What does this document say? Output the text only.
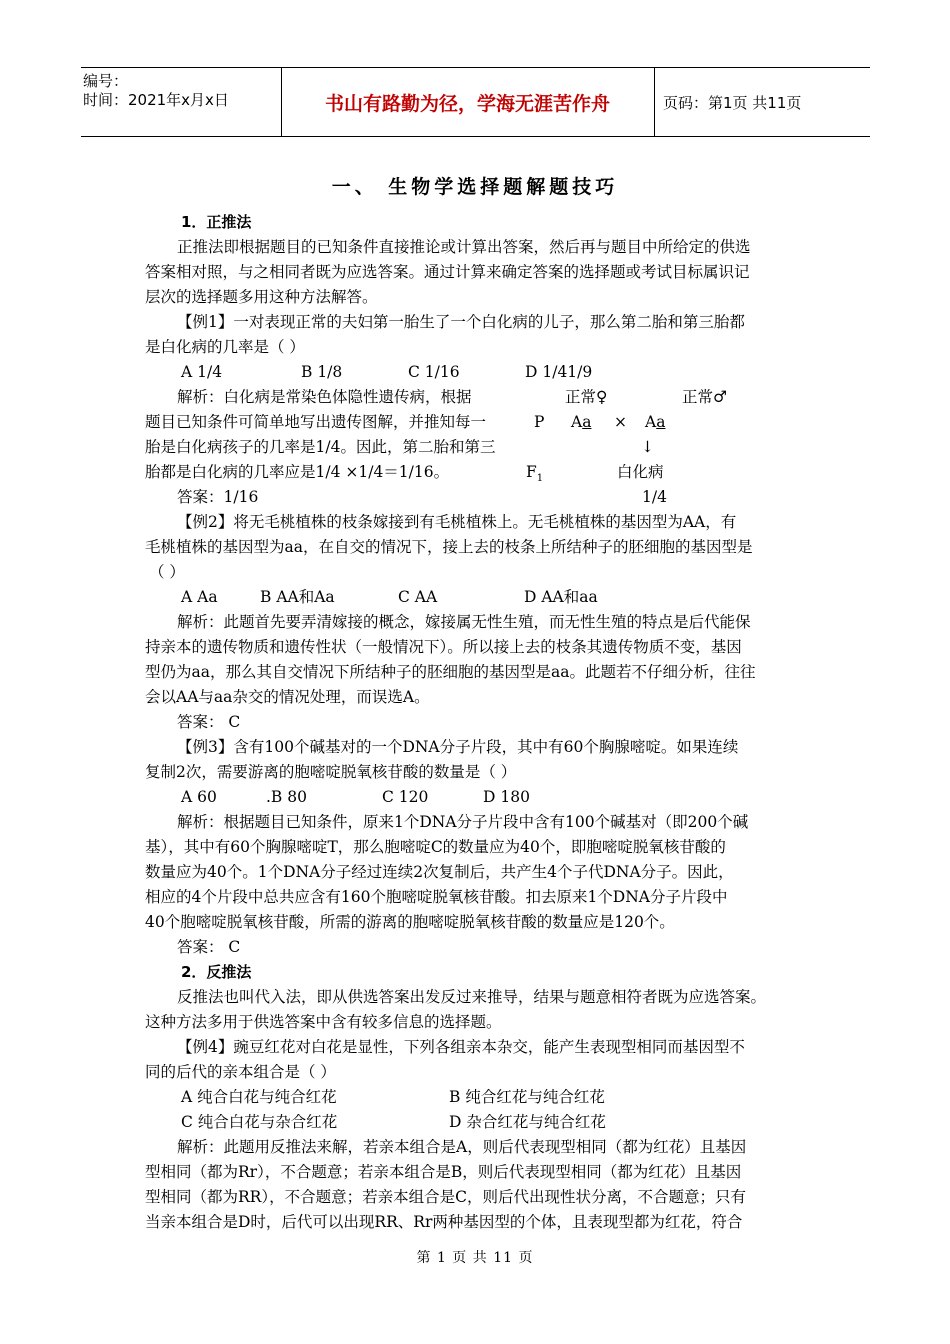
编号：
时间：2021年x月x日	书山有路勤为径，学海无涯苦作舟	页码：第1页 共11页
一、 生物学选择题解题技巧
1．正推法
正推法即根据题目的已知条件直接推论或计算出答案，然后再与题目中所给定的供选
答案相对照，与之相同者既为应选答案。通过计算来确定答案的选择题或考试目标属识记
层次的选择题多用这种方法解答。
【例1】一对表现正常的夫妇第一胎生了一个白化病的儿子，那么第二胎和第三胎都
是白化病的几率是（ ）
A 1/4	B 1/8	C 1/16	D 1/41/9
解析：白化病是常染色体隐性遗传病，根据
题目已知条件可简单地写出遗传图解，并推知每一
胎是白化病孩子的几率是1/4。因此，第二胎和第三
胎都是白化病的几率应是1/4 ×1/4＝1/16。
答案：1/16
正常♀	正常♂
P Aa × Aa
↓
$F_1$	白化病
1/4
【例2】将无毛桃植株的枝条嫁接到有毛桃植株上。无毛桃植株的基因型为AA，有
毛桃植株的基因型为aa，在自交的情况下，接上去的枝条上所结种子的胚细胞的基因型是
（ ）
A Aa	B AA和Aa	C AA	D AA和aa
解析：此题首先要弄清嫁接的概念，嫁接属无性生殖，而无性生殖的特点是后代能保
持亲本的遗传物质和遗传性状（一般情况下）。所以接上去的枝条其遗传物质不变，基因
型仍为aa，那么其自交情况下所结种子的胚细胞的基因型是aa。此题若不仔细分析，往往
会以AA与aa杂交的情况处理，而误选A。
答案： C
【例3】含有100个碱基对的一个DNA分子片段，其中有60个胸腺嘧啶。如果连续
复制2次，需要游离的胞嘧啶脱氧核苷酸的数量是（ ）
A 60	.B 80	C 120	D 180
解析：根据题目已知条件，原来1个DNA分子片段中含有100个碱基对（即200个碱
基），其中有60个胸腺嘧啶T，那么胞嘧啶C的数量应为40个，即胞嘧啶脱氧核苷酸的
数量应为40个。1个DNA分子经过连续2次复制后，共产生4个子代DNA分子。因此，
相应的4个片段中总共应含有160个胞嘧啶脱氧核苷酸。扣去原来1个DNA分子片段中
40个胞嘧啶脱氧核苷酸，所需的游离的胞嘧啶脱氧核苷酸的数量应是120个。
答案： C
2．反推法
反推法也叫代入法，即从供选答案出发反过来推导，结果与题意相符者既为应选答案。
这种方法多用于供选答案中含有较多信息的选择题。
【例4】豌豆红花对白花是显性，下列各组亲本杂交，能产生表现型相同而基因型不
同的后代的亲本组合是（ ）
A 纯合白花与纯合红花	B 纯合红花与纯合红花
C 纯合白花与杂合红花	D 杂合红花与纯合红花
解析：此题用反推法来解，若亲本组合是A，则后代表现型相同（都为红花）且基因
型相同（都为Rr），不合题意；若亲本组合是B，则后代表现型相同（都为红花）且基因
型相同（都为RR），不合题意；若亲本组合是C，则后代出现性状分离，不合题意；只有
当亲本组合是D时，后代可以出现RR、Rr两种基因型的个体，且表现型都为红花，符合
第 1 页 共 11 页
